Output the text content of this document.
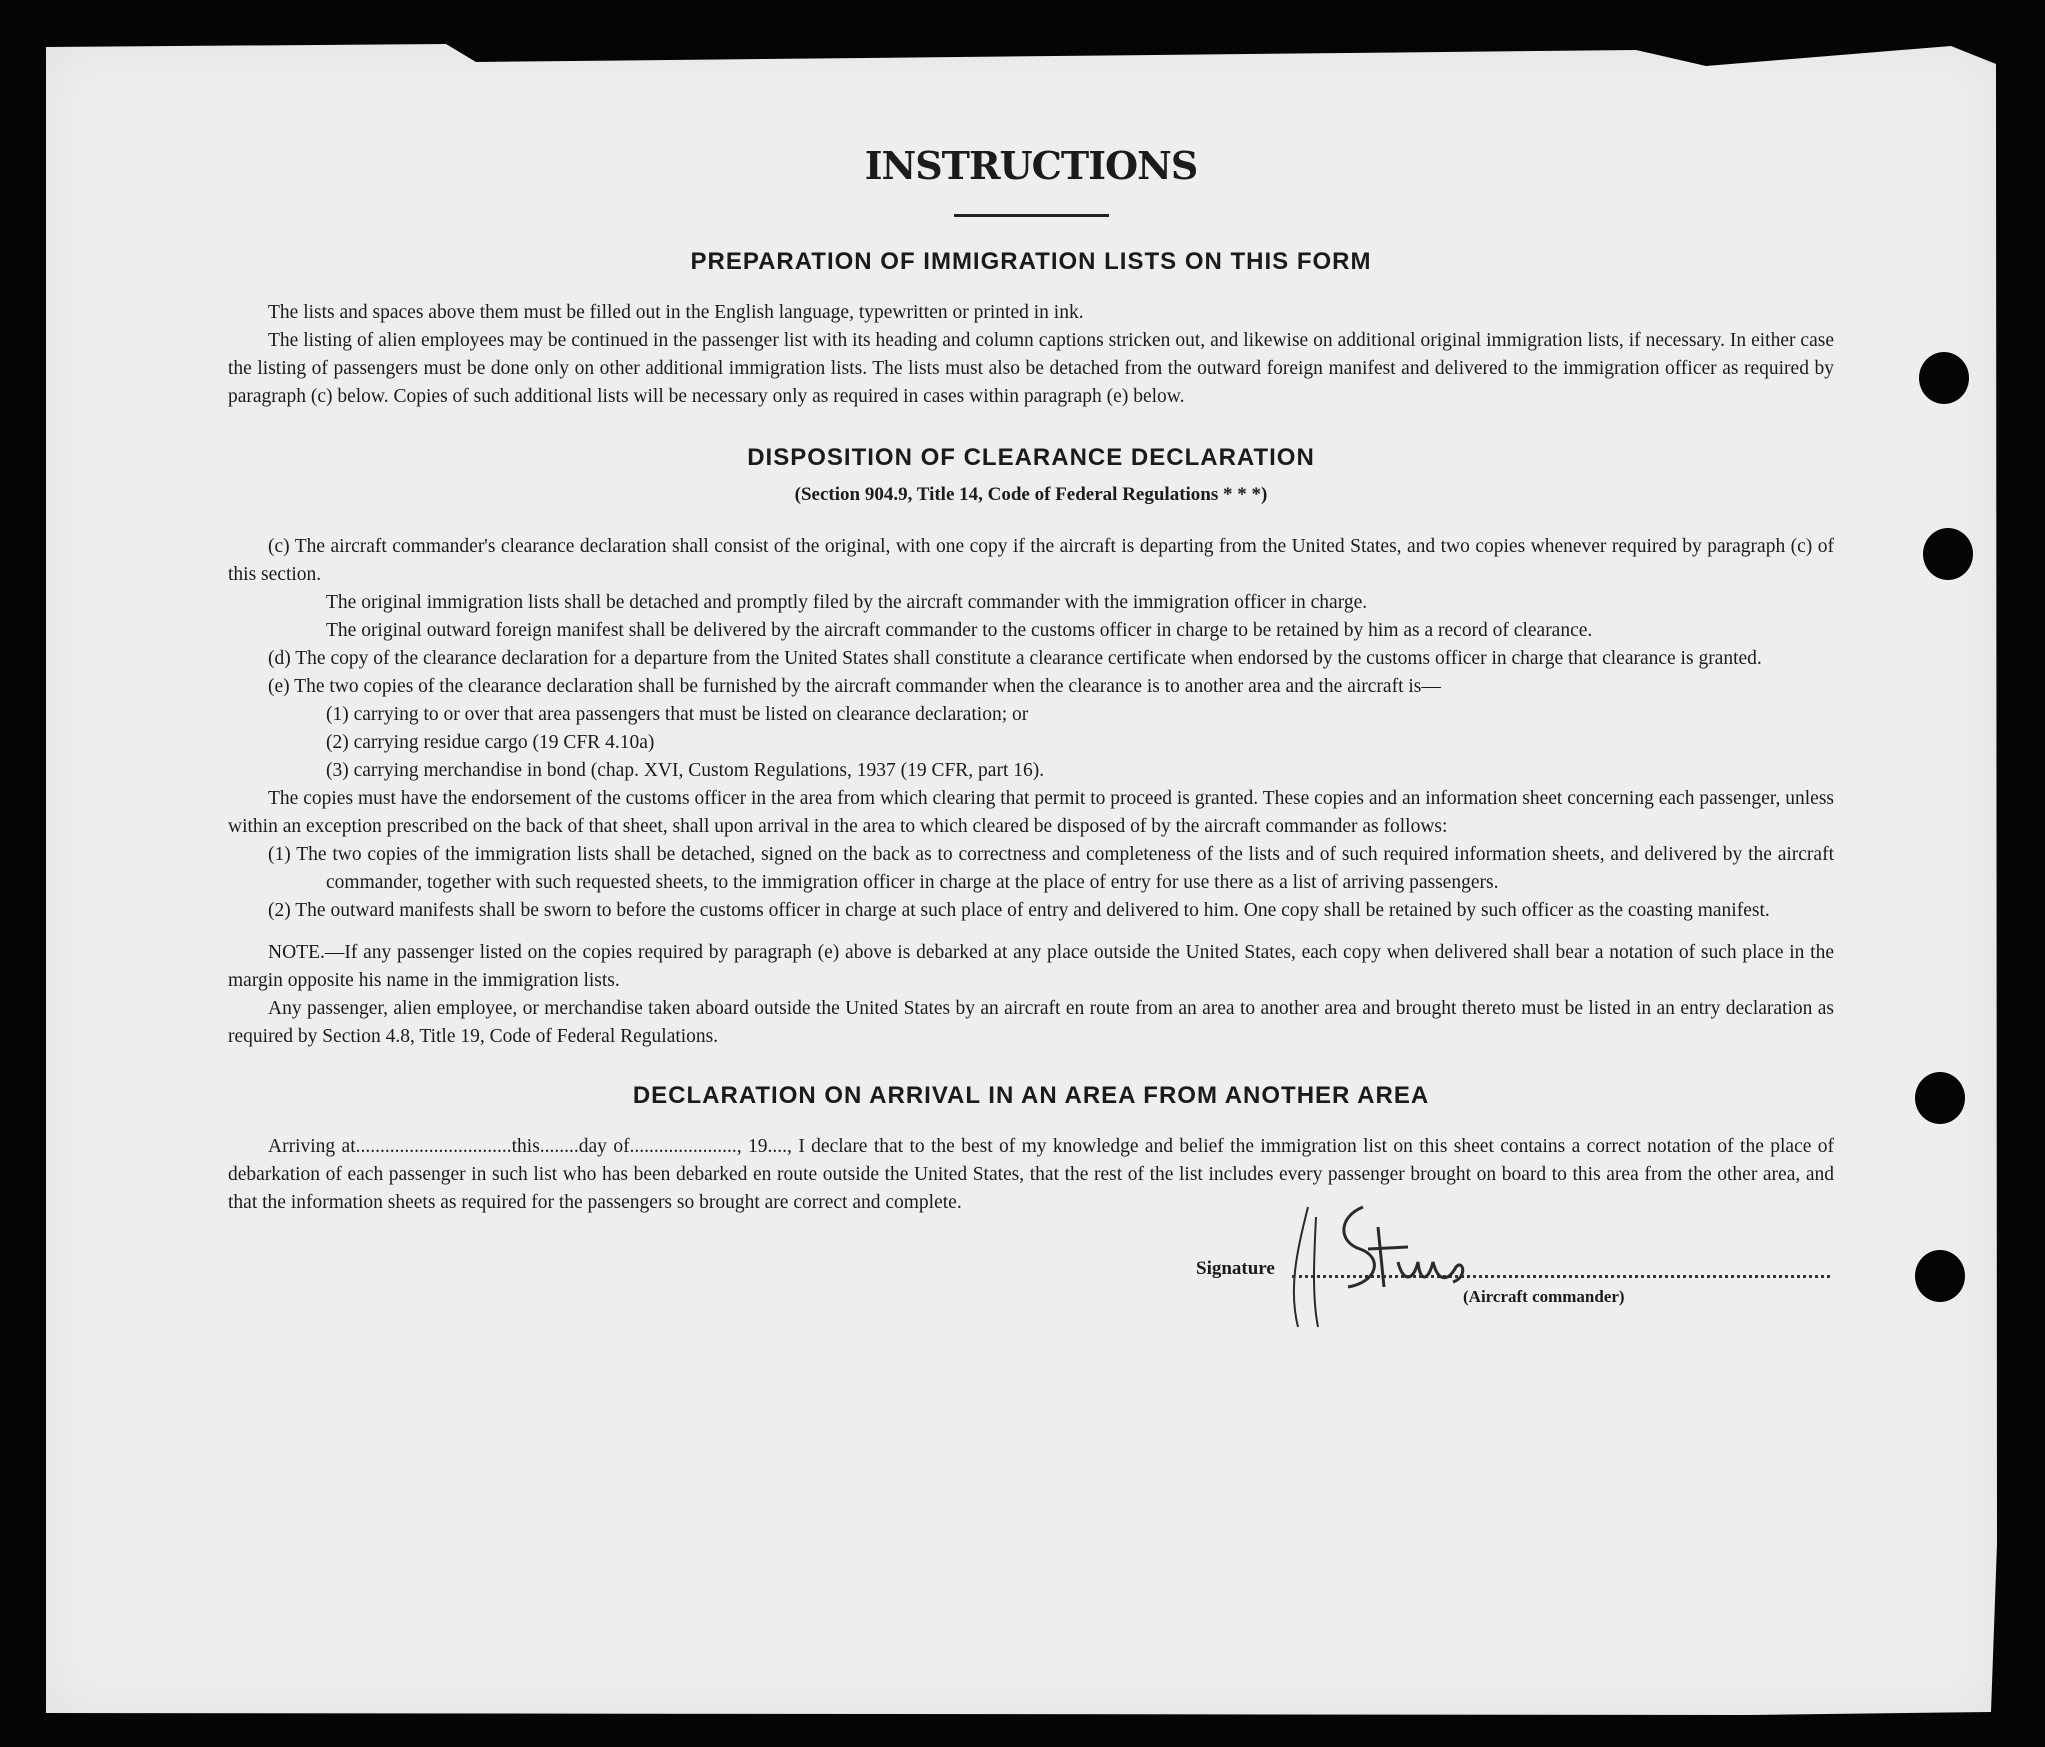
INSTRUCTIONS
PREPARATION OF IMMIGRATION LISTS ON THIS FORM

The lists and spaces above them must be filled out in the English language, typewritten or printed in ink.

The listing of alien employees may be continued in the passenger list with its heading and column captions stricken out, and likewise on additional original immigration lists, if necessary. In either case the listing of passengers must be done only on other additional immigration lists. The lists must also be detached from the outward foreign manifest and delivered to the immigration officer as required by paragraph (c) below. Copies of such additional lists will be necessary only as required in cases within paragraph (e) below.

DISPOSITION OF CLEARANCE DECLARATION

(Section 904.9, Title 14, Code of Federal Regulations * * *)

(c) The aircraft commander's clearance declaration shall consist of the original, with one copy if the aircraft is departing from the United States, and two copies whenever required by paragraph (c) of this section.

The original immigration lists shall be detached and promptly filed by the aircraft commander with the immigration officer in charge.

The original outward foreign manifest shall be delivered by the aircraft commander to the customs officer in charge to be retained by him as a record of clearance.

(d) The copy of the clearance declaration for a departure from the United States shall constitute a clearance certificate when endorsed by the customs officer in charge that clearance is granted.

(e) The two copies of the clearance declaration shall be furnished by the aircraft commander when the clearance is to another area and the aircraft is—

(1) carrying to or over that area passengers that must be listed on clearance declaration; or

(2) carrying residue cargo (19 CFR 4.10a)

(3) carrying merchandise in bond (chap. XVI, Custom Regulations, 1937 (19 CFR, part 16).

The copies must have the endorsement of the customs officer in the area from which clearing that permit to proceed is granted. These copies and an information sheet concerning each passenger, unless within an exception prescribed on the back of that sheet, shall upon arrival in the area to which cleared be disposed of by the aircraft commander as follows:

(1) The two copies of the immigration lists shall be detached, signed on the back as to correctness and completeness of the lists and of such required information sheets, and delivered by the aircraft commander, together with such requested sheets, to the immigration officer in charge at the place of entry for use there as a list of arriving passengers.

(2) The outward manifests shall be sworn to before the customs officer in charge at such place of entry and delivered to him. One copy shall be retained by such officer as the coasting manifest.

NOTE.—If any passenger listed on the copies required by paragraph (e) above is debarked at any place outside the United States, each copy when delivered shall bear a notation of such place in the margin opposite his name in the immigration lists.

Any passenger, alien employee, or merchandise taken aboard outside the United States by an aircraft en route from an area to another area and brought thereto must be listed in an entry declaration as required by Section 4.8, Title 19, Code of Federal Regulations.

DECLARATION ON ARRIVAL IN AN AREA FROM ANOTHER AREA

Arriving at................................this........day of......................, 19...., I declare that to the best of my knowledge and belief the immigration list on this sheet contains a correct notation of the place of debarkation of each passenger in such list who has been debarked en route outside the United States, that the rest of the list includes every passenger brought on board to this area from the other area, and that the information sheets as required for the passengers so brought are correct and complete.

Signature
(Aircraft commander)
